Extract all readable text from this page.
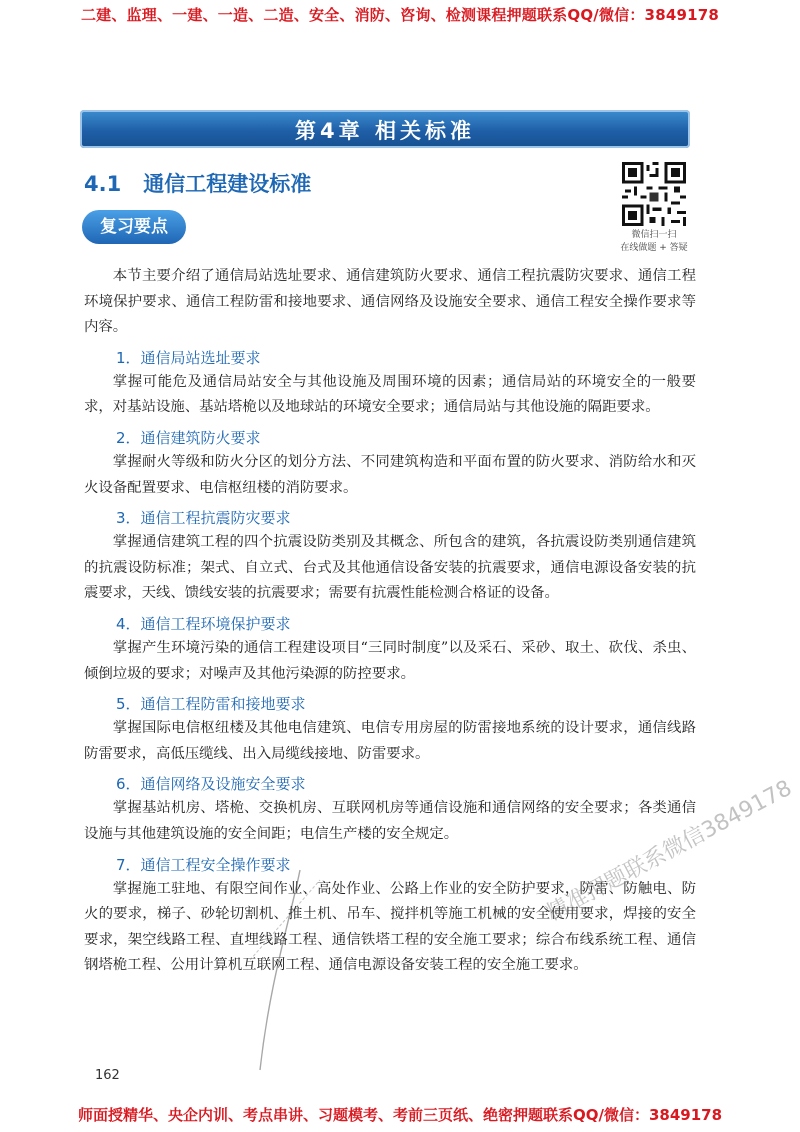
二建、监理、一建、一造、二造、安全、消防、咨询、检测课程押题联系QQ/微信：3849178
第4章 相关标准
4.1 通信工程建设标准
复习要点	微信扫一扫
在线做题 + 答疑

本节主要介绍了通信局站选址要求、通信建筑防火要求、通信工程抗震防灾要求、通信工程环境保护要求、通信工程防雷和接地要求、通信网络及设施安全要求、通信工程安全操作要求等内容。

1．通信局站选址要求

掌握可能危及通信局站安全与其他设施及周围环境的因素；通信局站的环境安全的一般要求，对基站设施、基站塔桅以及地球站的环境安全要求；通信局站与其他设施的隔距要求。

2．通信建筑防火要求

掌握耐火等级和防火分区的划分方法、不同建筑构造和平面布置的防火要求、消防给水和灭火设备配置要求、电信枢纽楼的消防要求。

3．通信工程抗震防灾要求

掌握通信建筑工程的四个抗震设防类别及其概念、所包含的建筑，各抗震设防类别通信建筑的抗震设防标准；架式、自立式、台式及其他通信设备安装的抗震要求，通信电源设备安装的抗震要求，天线、馈线安装的抗震要求；需要有抗震性能检测合格证的设备。

4．通信工程环境保护要求

掌握产生环境污染的通信工程建设项目“三同时制度”以及采石、采砂、取土、砍伐、杀虫、倾倒垃圾的要求；对噪声及其他污染源的防控要求。

5．通信工程防雷和接地要求

掌握国际电信枢纽楼及其他电信建筑、电信专用房屋的防雷接地系统的设计要求，通信线路防雷要求，高低压缆线、出入局缆线接地、防雷要求。

6．通信网络及设施安全要求

掌握基站机房、塔桅、交换机房、互联网机房等通信设施和通信网络的安全要求；各类通信设施与其他建筑设施的安全间距；电信生产楼的安全规定。

7．通信工程安全操作要求

掌握施工驻地、有限空间作业、高处作业、公路上作业的安全防护要求，防雷、防触电、防火的要求，梯子、砂轮切割机、推土机、吊车、搅拌机等施工机械的安全使用要求，焊接的安全要求，架空线路工程、直埋线路工程、通信铁塔工程的安全施工要求；综合布线系统工程、通信钢塔桅工程、公用计算机互联网工程、通信电源设备安装工程的安全施工要求。

精准押题联系微信3849178
162
师面授精华、央企内训、考点串讲、习题模考、考前三页纸、绝密押题联系QQ/微信：3849178
